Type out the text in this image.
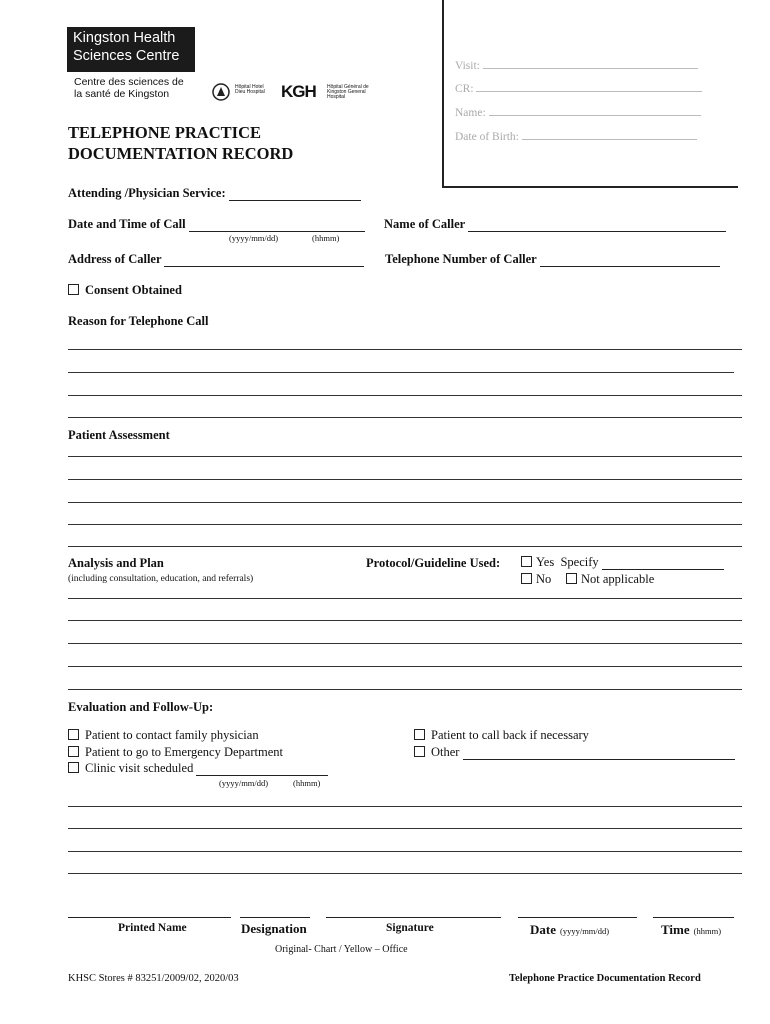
Kingston Health
Sciences Centre
Centre des sciences de
la santé de Kingston
Hôpital Hotel Dieu Hospital KGH Hôpital Général de Kingston General Hospital
TELEPHONE PRACTICE
DOCUMENTATION RECORD
Visit:
CR:
Name:
Date of Birth:
Attending /Physician Service:
Date and Time of Call
(yyyy/mm/dd)	(hhmm)
Name of Caller
Address of Caller	Telephone Number of Caller
Consent Obtained
Reason for Telephone Call
Patient Assessment
Analysis and Plan
(including consultation, education, and referrals)
Protocol/Guideline Used:	Yes Specify
No	Not applicable
Evaluation and Follow-Up:
Patient to contact family physician
Patient to go to Emergency Department
Clinic visit scheduled
(yyyy/mm/dd)	(hhmm)
Patient to call back if necessary
Other
Printed Name	Designation	Signature	Date (yyyy/mm/dd)	Time (hhmm)
Original- Chart / Yellow – Office
KHSC Stores # 83251/2009/02, 2020/03	Telephone Practice Documentation Record
